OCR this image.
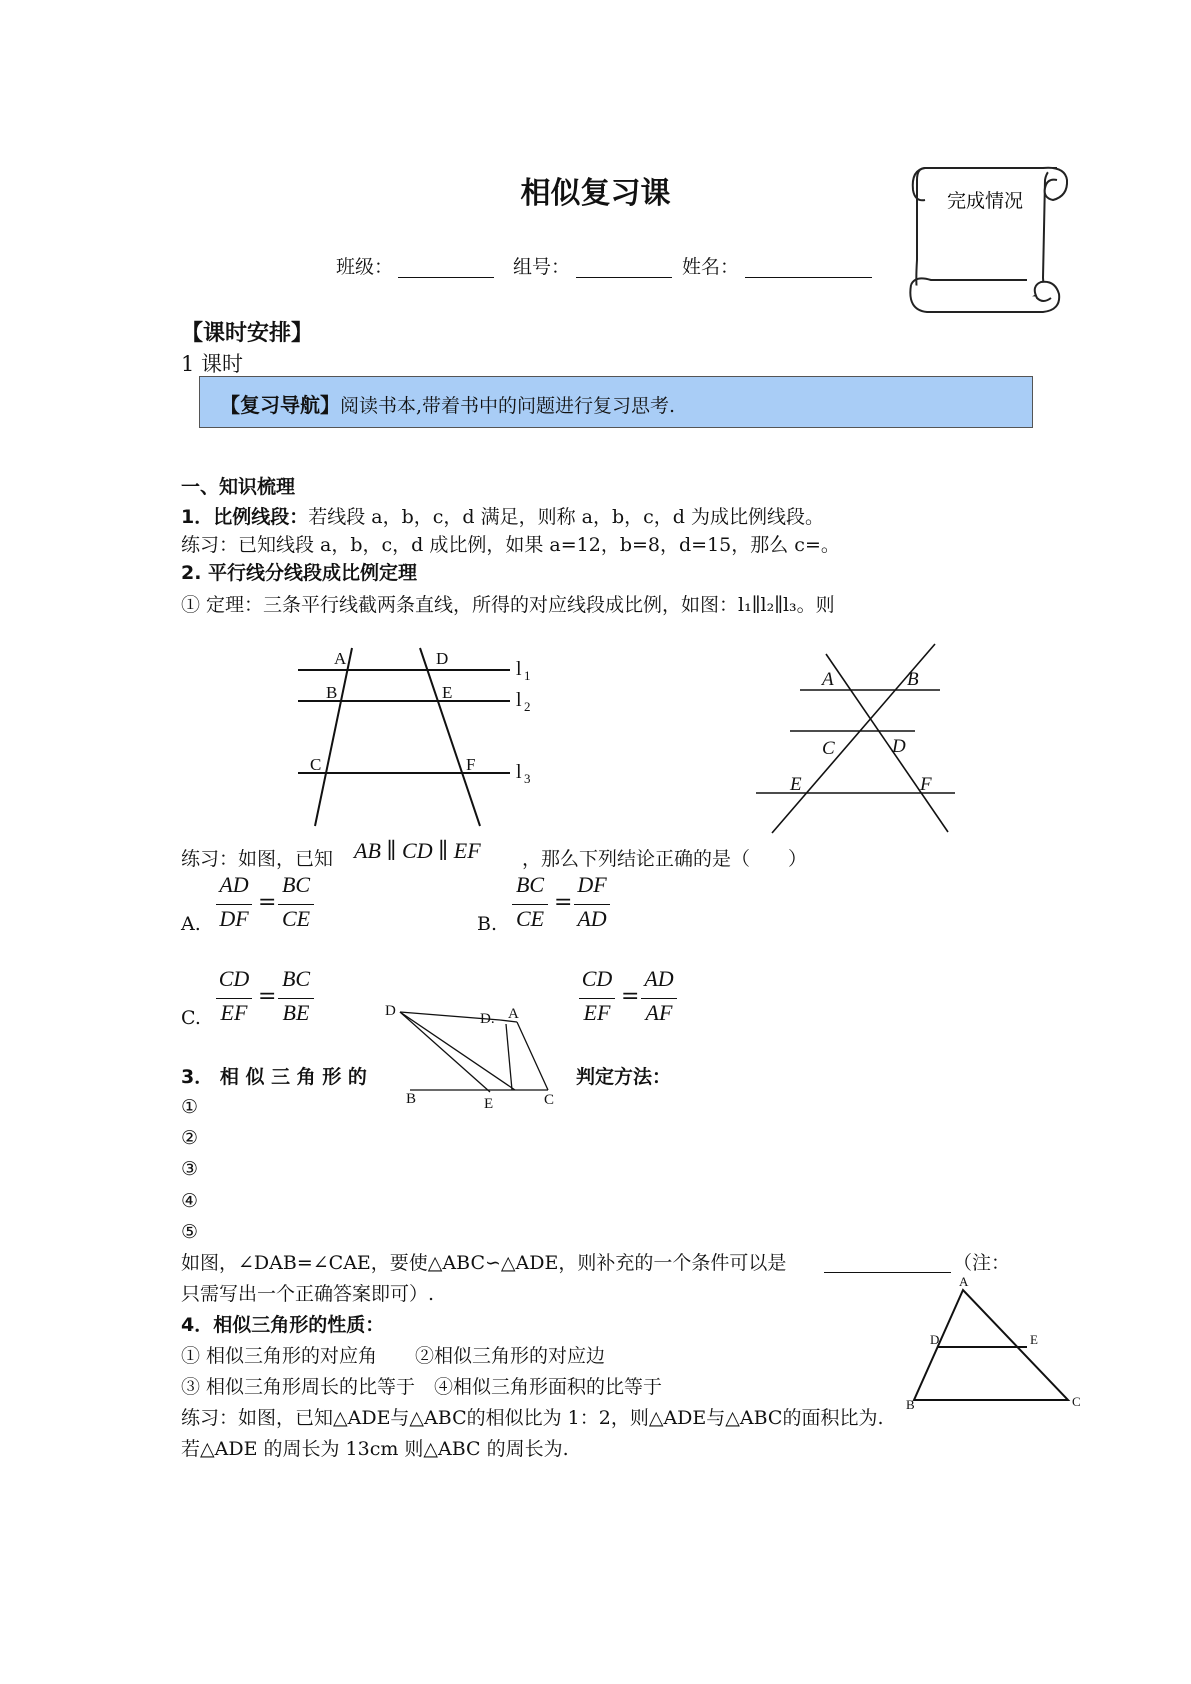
相似复习课	完成情况
班级：	组号：	姓名：
【课时安排】
1 课时
【复习导航】阅读书本,带着书中的问题进行复习思考.
一、知识梳理
1．比例线段：若线段 a，b，c，d 满足，则称 a，b，c，d 为成比例线段。
练习：已知线段 a，b，c，d 成比例，如果 a=12，b=8，d=15，那么 c=。
2. 平行线分线段成比例定理
① 定理：三条平行线截两条直线，所得的对应线段成比例，如图：l₁∥l₂∥l₃。则
A	D
B	E
C	F
l 1
l 2
l 3
A	B
C	D
E	F
练习：如图，已知 AB ∥ CD ∥ EF ，那么下列结论正确的是（　　）
A.
AD
DF
=
BC
CE	B.
BC
CE
=
DF
AD
C.
CD
EF
=
BC
BE	D	D. A
B	E	C
CD
EF
=
AD
AF
3． 相 似 三 角 形 的	判定方法：
①
②
③
④
⑤
如图，∠DAB=∠CAE，要使△ABC∽△ADE，则补充的一个条件可以是	（注：
只需写出一个正确答案即可）.
4．相似三角形的性质：
① 相似三角形的对应角　　②相似三角形的对应边
③ 相似三角形周长的比等于　④相似三角形面积的比等于
练习：如图，已知△ADE与△ABC的相似比为 1：2，则△ADE与△ABC的面积比为.
若△ADE 的周长为 13cm 则△ABC 的周长为.
A
D	E
B	C
